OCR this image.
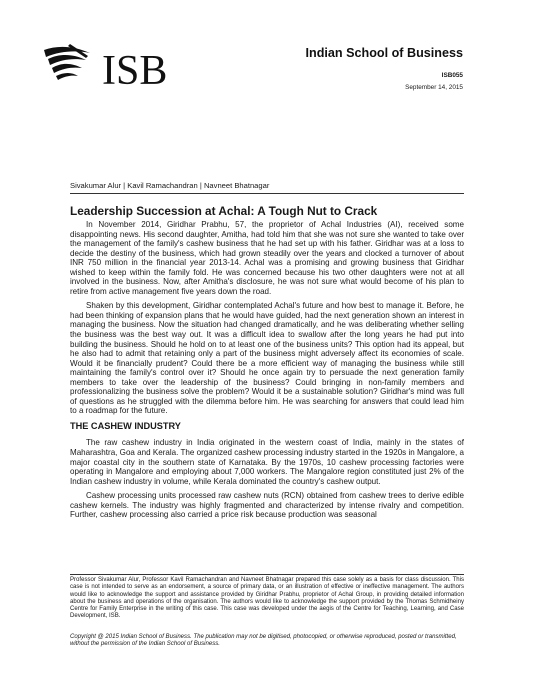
ISB	Indian School of Business
ISB055
September 14, 2015
Sivakumar Alur | Kavil Ramachandran | Navneet Bhatnagar
Leadership Succession at Achal: A Tough Nut to Crack

In November 2014, Giridhar Prabhu, 57, the proprietor of Achal Industries (AI), received some disappointing news. His second daughter, Amitha, had told him that she was not sure she wanted to take over the management of the family's cashew business that he had set up with his father. Giridhar was at a loss to decide the destiny of the business, which had grown steadily over the years and clocked a turnover of about INR 750 million in the financial year 2013-14. Achal was a promising and growing business that Giridhar wished to keep within the family fold. He was concerned because his two other daughters were not at all involved in the business. Now, after Amitha's disclosure, he was not sure what would become of his plan to retire from active management five years down the road.

Shaken by this development, Giridhar contemplated Achal's future and how best to manage it. Before, he had been thinking of expansion plans that he would have guided, had the next generation shown an interest in managing the business. Now the situation had changed dramatically, and he was deliberating whether selling the business was the best way out. It was a difficult idea to swallow after the long years he had put into building the business. Should he hold on to at least one of the business units? This option had its appeal, but he also had to admit that retaining only a part of the business might adversely affect its economies of scale. Would it be financially prudent? Could there be a more efficient way of managing the business while still maintaining the family's control over it? Should he once again try to persuade the next generation family members to take over the leadership of the business? Could bringing in non-family members and professionalizing the business solve the problem? Would it be a sustainable solution? Giridhar's mind was full of questions as he struggled with the dilemma before him. He was searching for answers that could lead him to a roadmap for the future.

THE CASHEW INDUSTRY

The raw cashew industry in India originated in the western coast of India, mainly in the states of Maharashtra, Goa and Kerala. The organized cashew processing industry started in the 1920s in Mangalore, a major coastal city in the southern state of Karnataka. By the 1970s, 10 cashew processing factories were operating in Mangalore and employing about 7,000 workers. The Mangalore region constituted just 2% of the Indian cashew industry in volume, while Kerala dominated the country's cashew output.

Cashew processing units processed raw cashew nuts (RCN) obtained from cashew trees to derive edible cashew kernels. The industry was highly fragmented and characterized by intense rivalry and competition. Further, cashew processing also carried a price risk because production was seasonal

Professor Sivakumar Alur, Professor Kavil Ramachandran and Navneet Bhatnagar prepared this case solely as a basis for class discussion. This case is not intended to serve as an endorsement, a source of primary data, or an illustration of effective or ineffective management. The authors would like to acknowledge the support and assistance provided by Giridhar Prabhu, proprietor of Achal Group, in providing detailed information about the business and operations of the organisation. The authors would like to acknowledge the support provided by the Thomas Schmidheiny Centre for Family Enterprise in the writing of this case. This case was developed under the aegis of the Centre for Teaching, Learning, and Case Development, ISB.
Copyright @ 2015 Indian School of Business. The publication may not be digitised, photocopied, or otherwise reproduced, posted or transmitted, without the permission of the Indian School of Business.
